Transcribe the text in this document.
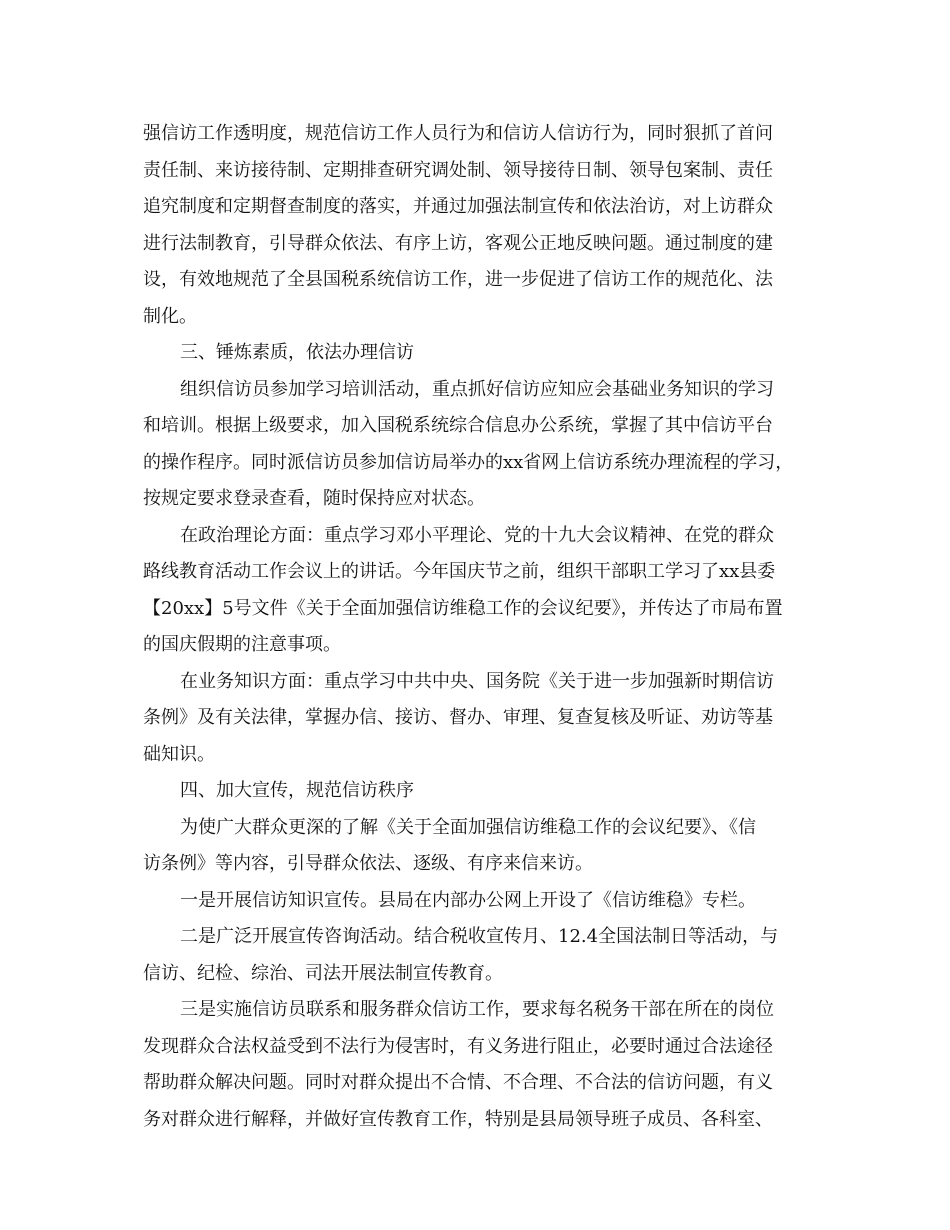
强信访工作透明度，规范信访工作人员行为和信访人信访行为，同时狠抓了首问
责任制、来访接待制、定期排查研究调处制、领导接待日制、领导包案制、责任
追究制度和定期督查制度的落实，并通过加强法制宣传和依法治访，对上访群众
进行法制教育，引导群众依法、有序上访，客观公正地反映问题。通过制度的建
设，有效地规范了全县国税系统信访工作，进一步促进了信访工作的规范化、法
制化。
三、锤炼素质，依法办理信访
组织信访员参加学习培训活动，重点抓好信访应知应会基础业务知识的学习
和培训。根据上级要求，加入国税系统综合信息办公系统，掌握了其中信访平台
的操作程序。同时派信访员参加信访局举办的xx省网上信访系统办理流程的学习，
按规定要求登录查看，随时保持应对状态。
在政治理论方面：重点学习邓小平理论、党的十九大会议精神、在党的群众
路线教育活动工作会议上的讲话。今年国庆节之前，组织干部职工学习了xx县委
【20xx】5号文件《关于全面加强信访维稳工作的会议纪要》，并传达了市局布置
的国庆假期的注意事项。
在业务知识方面：重点学习中共中央、国务院《关于进一步加强新时期信访
条例》及有关法律，掌握办信、接访、督办、审理、复查复核及听证、劝访等基
础知识。
四、加大宣传，规范信访秩序
为使广大群众更深的了解《关于全面加强信访维稳工作的会议纪要》、《信
访条例》等内容，引导群众依法、逐级、有序来信来访。
一是开展信访知识宣传。县局在内部办公网上开设了《信访维稳》专栏。
二是广泛开展宣传咨询活动。结合税收宣传月、12.4全国法制日等活动，与
信访、纪检、综治、司法开展法制宣传教育。
三是实施信访员联系和服务群众信访工作，要求每名税务干部在所在的岗位
发现群众合法权益受到不法行为侵害时，有义务进行阻止，必要时通过合法途径
帮助群众解决问题。同时对群众提出不合情、不合理、不合法的信访问题，有义
务对群众进行解释，并做好宣传教育工作，特别是县局领导班子成员、各科室、
